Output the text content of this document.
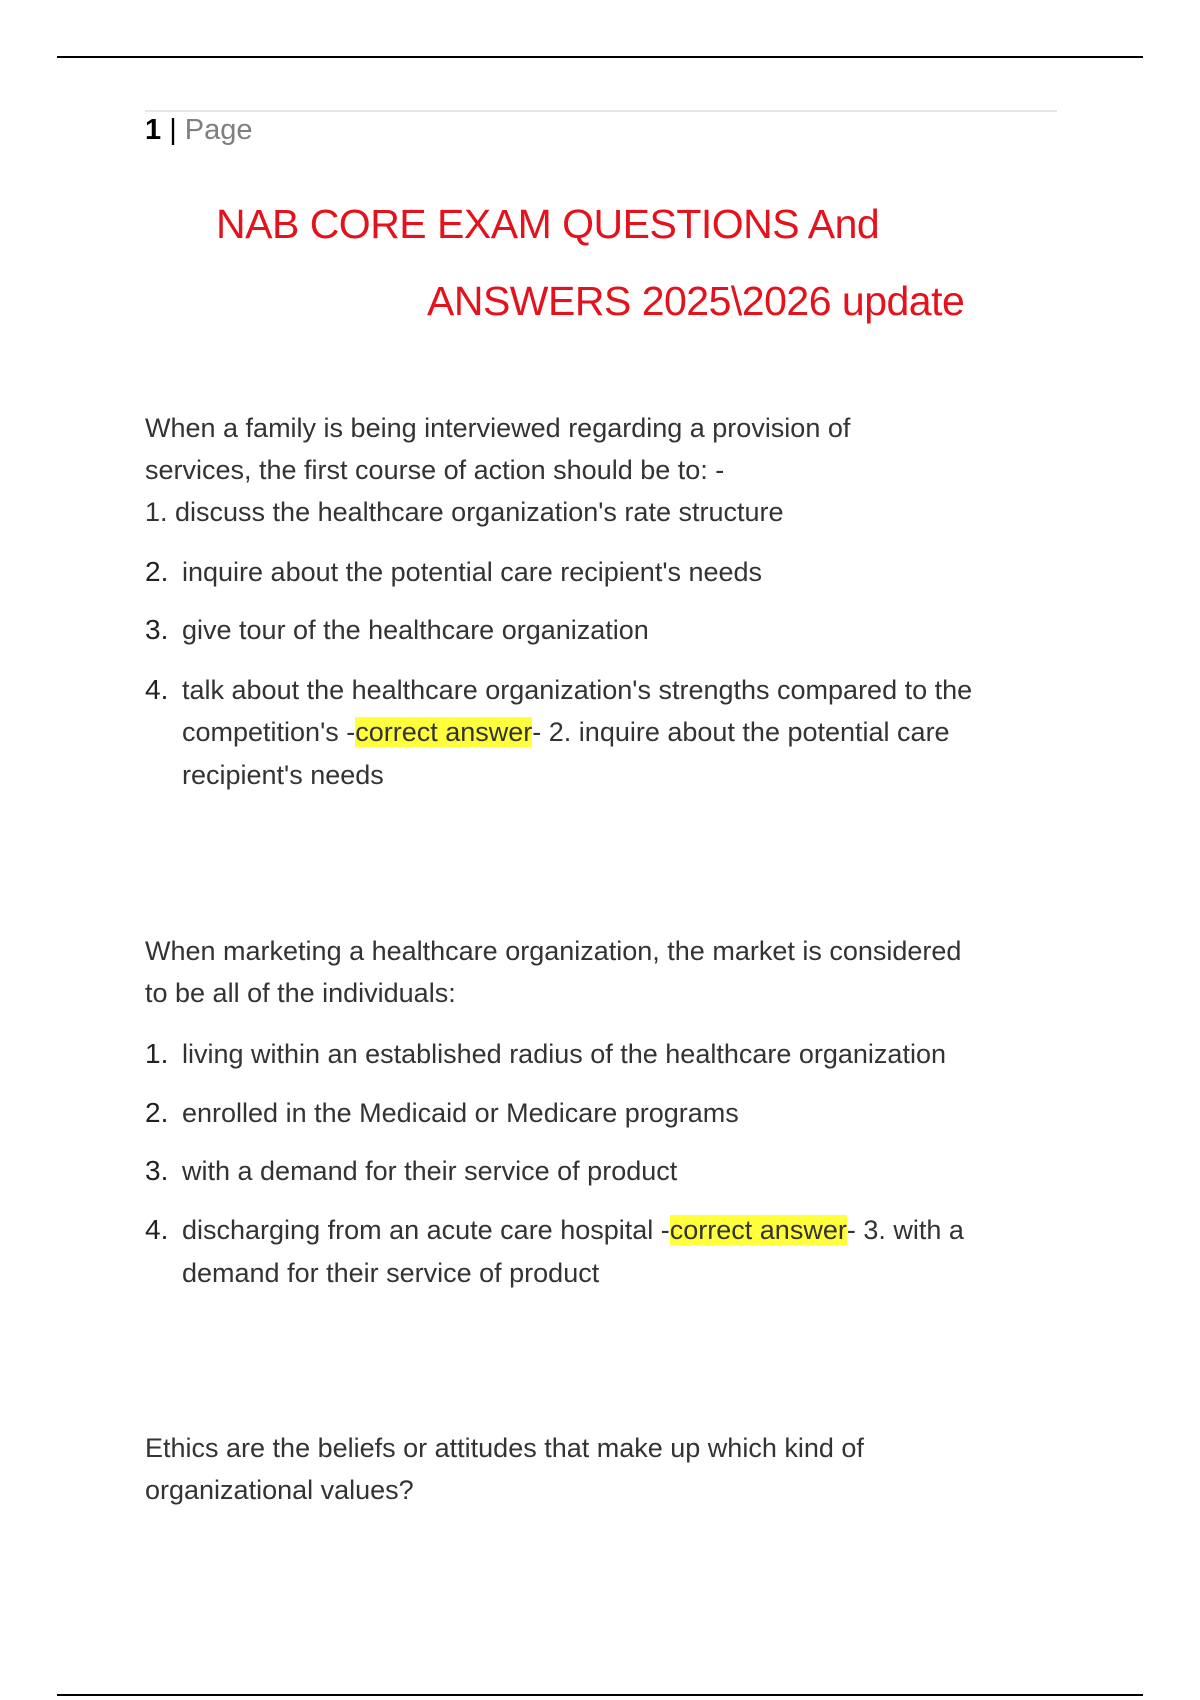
1 | Page
NAB CORE EXAM QUESTIONS And
ANSWERS 2025\2026 update
When a family is being interviewed regarding a provision of
services, the first course of action should be to: -
1. discuss the healthcare organization's rate structure
2. inquire about the potential care recipient's needs
3. give tour of the healthcare organization
4. talk about the healthcare organization's strengths compared to the
competition's -correct answer- 2. inquire about the potential care
recipient's needs
When marketing a healthcare organization, the market is considered
to be all of the individuals:
1. living within an established radius of the healthcare organization
2. enrolled in the Medicaid or Medicare programs
3. with a demand for their service of product
4. discharging from an acute care hospital -correct answer- 3. with a
demand for their service of product
Ethics are the beliefs or attitudes that make up which kind of
organizational values?
